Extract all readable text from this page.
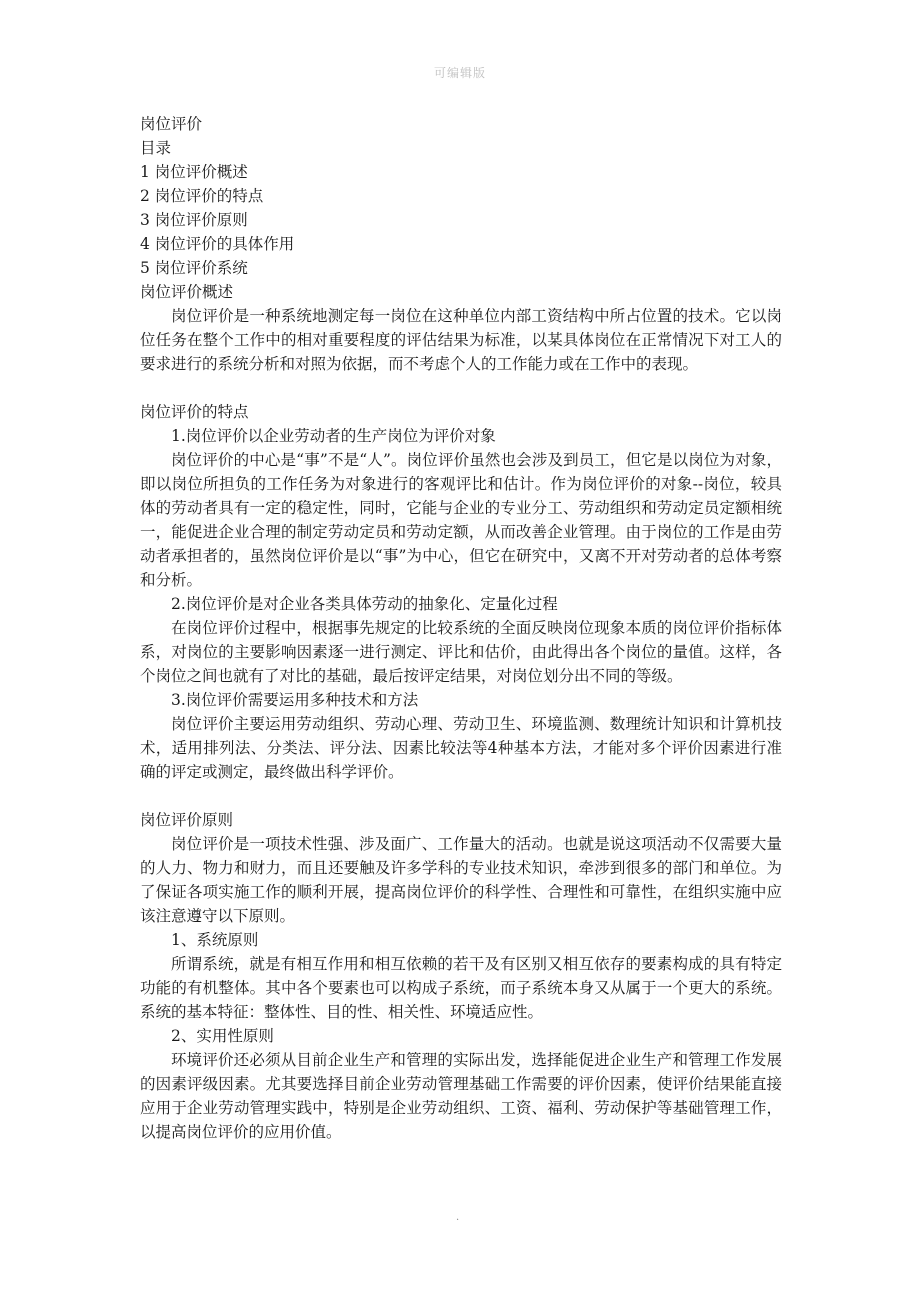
可编辑版

岗位评价

目录

1 岗位评价概述

2 岗位评价的特点

3 岗位评价原则

4 岗位评价的具体作用

5 岗位评价系统

岗位评价概述

岗位评价是一种系统地测定每一岗位在这种单位内部工资结构中所占位置的技术。它以岗位任务在整个工作中的相对重要程度的评估结果为标准，以某具体岗位在正常情况下对工人的要求进行的系统分析和对照为依据，而不考虑个人的工作能力或在工作中的表现。

岗位评价的特点

1.岗位评价以企业劳动者的生产岗位为评价对象

岗位评价的中心是“事”不是“人”。岗位评价虽然也会涉及到员工，但它是以岗位为对象，即以岗位所担负的工作任务为对象进行的客观评比和估计。作为岗位评价的对象--岗位，较具体的劳动者具有一定的稳定性，同时，它能与企业的专业分工、劳动组织和劳动定员定额相统一，能促进企业合理的制定劳动定员和劳动定额，从而改善企业管理。由于岗位的工作是由劳动者承担者的，虽然岗位评价是以“事”为中心，但它在研究中，又离不开对劳动者的总体考察和分析。

2.岗位评价是对企业各类具体劳动的抽象化、定量化过程

在岗位评价过程中，根据事先规定的比较系统的全面反映岗位现象本质的岗位评价指标体系，对岗位的主要影响因素逐一进行测定、评比和估价，由此得出各个岗位的量值。这样，各个岗位之间也就有了对比的基础，最后按评定结果，对岗位划分出不同的等级。

3.岗位评价需要运用多种技术和方法

岗位评价主要运用劳动组织、劳动心理、劳动卫生、环境监测、数理统计知识和计算机技术，适用排列法、分类法、评分法、因素比较法等4种基本方法，才能对多个评价因素进行准确的评定或测定，最终做出科学评价。

岗位评价原则

岗位评价是一项技术性强、涉及面广、工作量大的活动。也就是说这项活动不仅需要大量的人力、物力和财力，而且还要触及许多学科的专业技术知识，牵涉到很多的部门和单位。为了保证各项实施工作的顺利开展，提高岗位评价的科学性、合理性和可靠性，在组织实施中应该注意遵守以下原则。

1、系统原则

所谓系统，就是有相互作用和相互依赖的若干及有区别又相互依存的要素构成的具有特定功能的有机整体。其中各个要素也可以构成子系统，而子系统本身又从属于一个更大的系统。系统的基本特征：整体性、目的性、相关性、环境适应性。

2、实用性原则

环境评价还必须从目前企业生产和管理的实际出发，选择能促进企业生产和管理工作发展的因素评级因素。尤其要选择目前企业劳动管理基础工作需要的评价因素，使评价结果能直接应用于企业劳动管理实践中，特别是企业劳动组织、工资、福利、劳动保护等基础管理工作，以提高岗位评价的应用价值。

.
